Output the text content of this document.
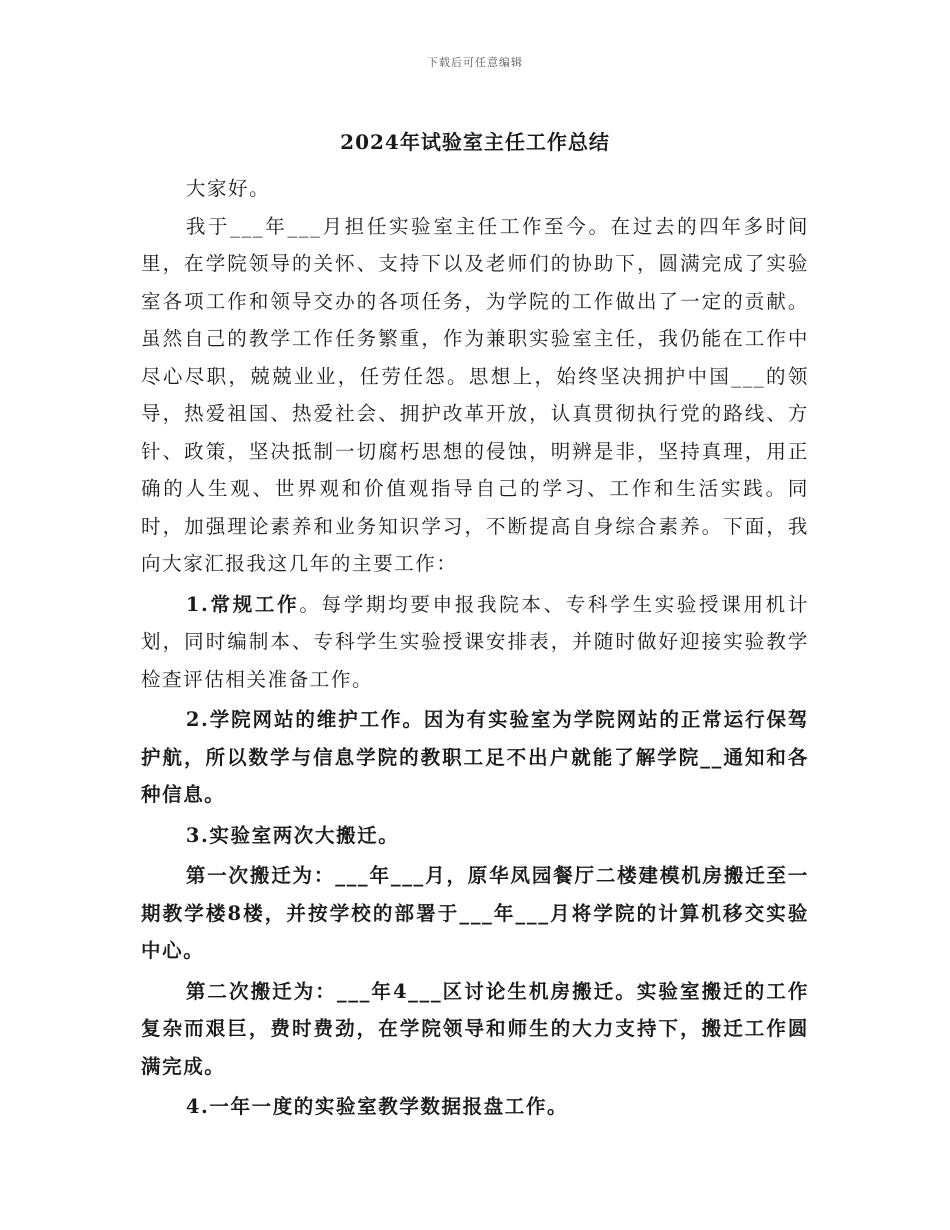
下载后可任意编辑
2024年试验室主任工作总结

大家好。

我于___年___月担任实验室主任工作至今。在过去的四年多时间里，在学院领导的关怀、支持下以及老师们的协助下，圆满完成了实验室各项工作和领导交办的各项任务，为学院的工作做出了一定的贡献。虽然自己的教学工作任务繁重，作为兼职实验室主任，我仍能在工作中尽心尽职，兢兢业业，任劳任怨。思想上，始终坚决拥护中国___的领导，热爱祖国、热爱社会、拥护改革开放，认真贯彻执行党的路线、方针、政策，坚决抵制一切腐朽思想的侵蚀，明辨是非，坚持真理，用正确的人生观、世界观和价值观指导自己的学习、工作和生活实践。同时，加强理论素养和业务知识学习，不断提高自身综合素养。下面，我向大家汇报我这几年的主要工作：

1.常规工作。每学期均要申报我院本、专科学生实验授课用机计划，同时编制本、专科学生实验授课安排表，并随时做好迎接实验教学检查评估相关准备工作。

2.学院网站的维护工作。因为有实验室为学院网站的正常运行保驾护航，所以数学与信息学院的教职工足不出户就能了解学院__通知和各种信息。

3.实验室两次大搬迁。

第一次搬迁为：___年___月，原华凤园餐厅二楼建模机房搬迁至一期教学楼8楼，并按学校的部署于___年___月将学院的计算机移交实验中心。

第二次搬迁为：___年4___区讨论生机房搬迁。实验室搬迁的工作复杂而艰巨，费时费劲，在学院领导和师生的大力支持下，搬迁工作圆满完成。

4.一年一度的实验室教学数据报盘工作。
